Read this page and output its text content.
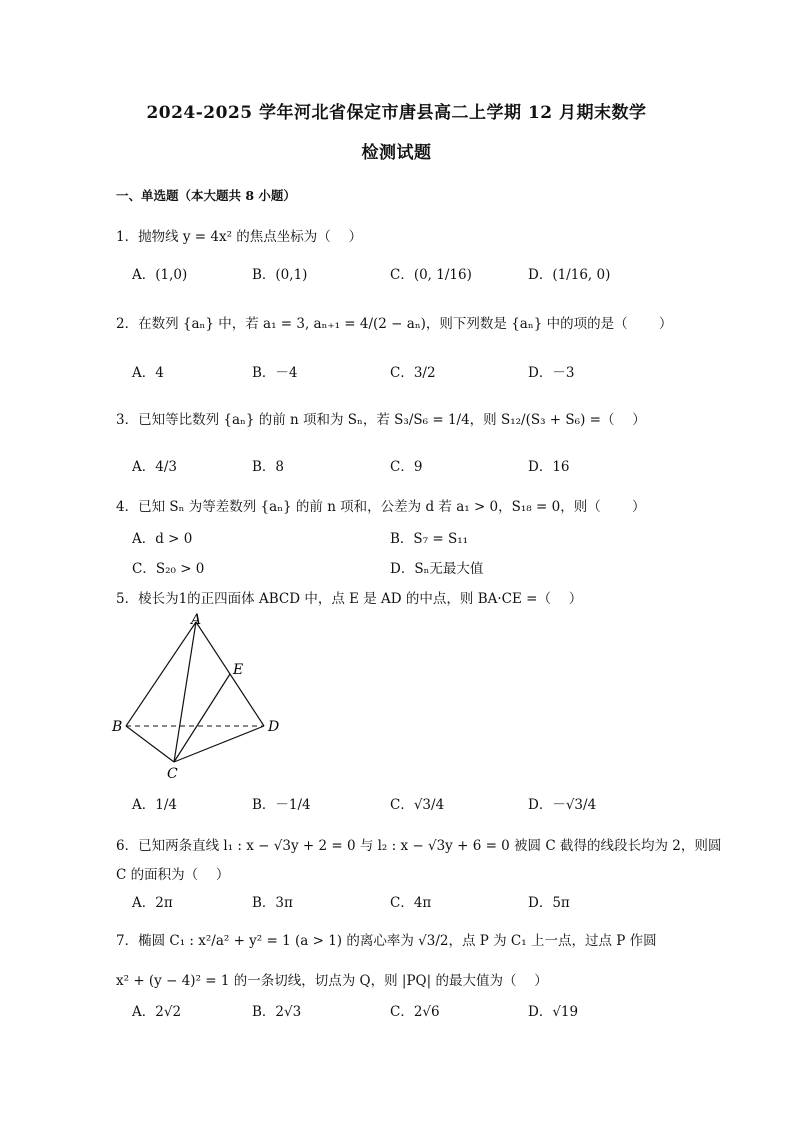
2024-2025 学年河北省保定市唐县高二上学期 12 月期末数学
检测试题
一、单选题（本大题共 8 小题）
1．抛物线 y = 4x² 的焦点坐标为（　 ）
A．(1,0)	B．(0,1)	C．(0, 1/16)	D．(1/16, 0)
2．在数列 {aₙ} 中，若 a₁ = 3, aₙ₊₁ = 4/(2 − aₙ)，则下列数是 {aₙ} 中的项的是（　　 ）
A．4	B．－4	C．3/2	D．－3
3．已知等比数列 {aₙ} 的前 n 项和为 Sₙ，若 S₃/S₆ = 1/4，则 S₁₂/(S₃ + S₆) =（　 ）
A．4/3	B．8	C．9	D．16
4．已知 Sₙ 为等差数列 {aₙ} 的前 n 项和，公差为 d 若 a₁ > 0，S₁₈ = 0，则（　　 ）
A．d > 0	B．S₇ = S₁₁
C．S₂₀ > 0	D．Sₙ无最大值
5．棱长为1的正四面体 ABCD 中，点 E 是 AD 的中点，则 BA·CE =（　 ）
A
B
C
D
E
A．1/4	B．－1/4	C．√3/4	D．－√3/4
6．已知两条直线 l₁ : x − √3y + 2 = 0 与 l₂ : x − √3y + 6 = 0 被圆 C 截得的线段长均为 2，则圆
C 的面积为（　 ）
A．2π	B．3π	C．4π	D．5π
7．椭圆 C₁ : x²/a² + y² = 1 (a > 1) 的离心率为 √3/2，点 P 为 C₁ 上一点，过点 P 作圆
x² + (y − 4)² = 1 的一条切线，切点为 Q，则 |PQ| 的最大值为（　 ）
A．2√2	B．2√3	C．2√6	D．√19
